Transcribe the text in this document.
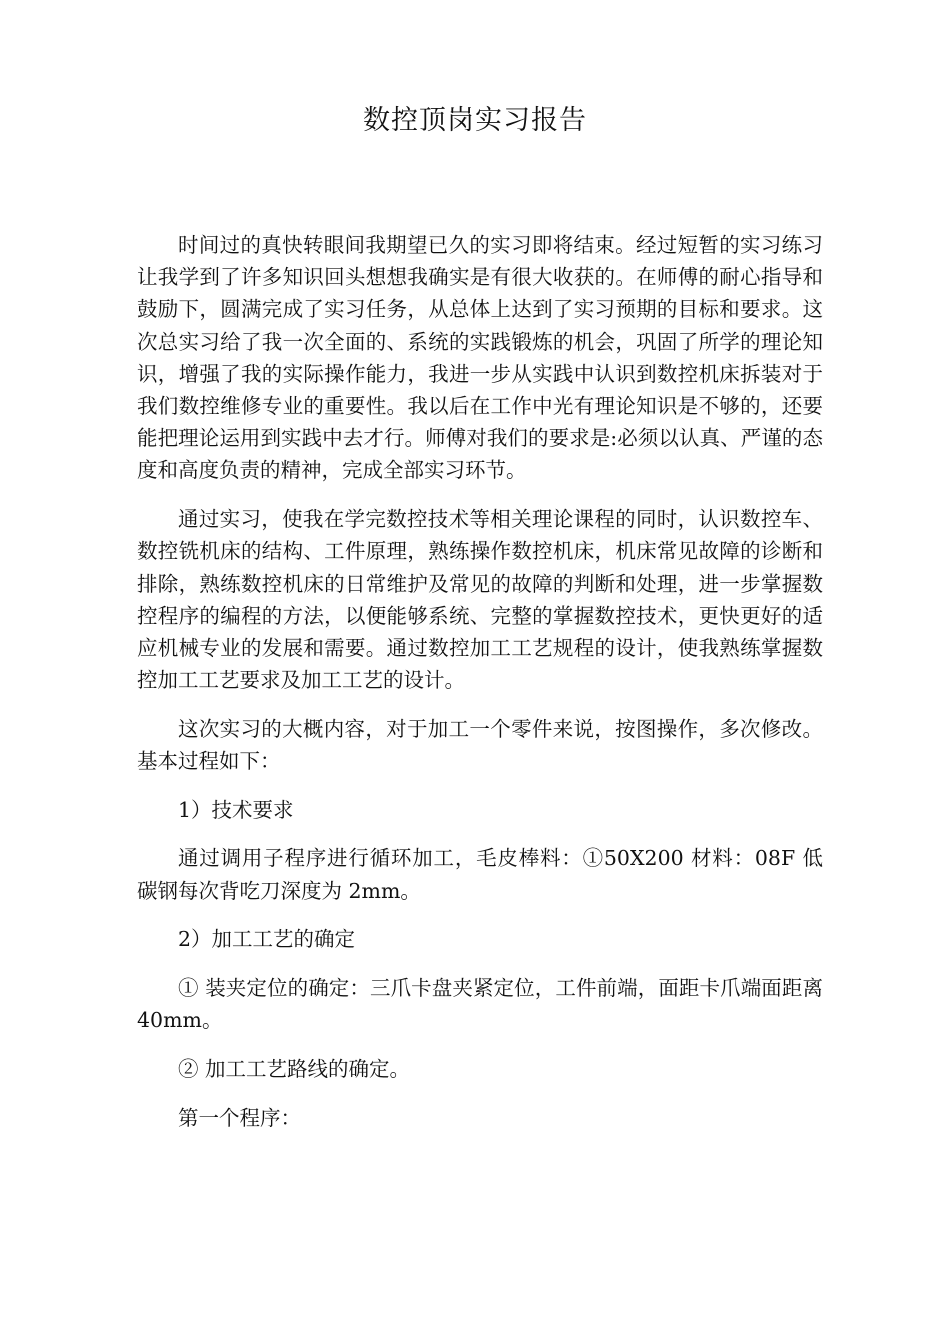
数控顶岗实习报告

时间过的真快转眼间我期望已久的实习即将结束。经过短暂的实习练习让我学到了许多知识回头想想我确实是有很大收获的。在师傅的耐心指导和鼓励下，圆满完成了实习任务，从总体上达到了实习预期的目标和要求。这次总实习给了我一次全面的、系统的实践锻炼的机会，巩固了所学的理论知识，增强了我的实际操作能力，我进一步从实践中认识到数控机床拆装对于我们数控维修专业的重要性。我以后在工作中光有理论知识是不够的，还要能把理论运用到实践中去才行。师傅对我们的要求是:必须以认真、严谨的态度和高度负责的精神，完成全部实习环节。

通过实习，使我在学完数控技术等相关理论课程的同时，认识数控车、数控铣机床的结构、工件原理，熟练操作数控机床，机床常见故障的诊断和排除，熟练数控机床的日常维护及常见的故障的判断和处理，进一步掌握数控程序的编程的方法，以便能够系统、完整的掌握数控技术，更快更好的适应机械专业的发展和需要。通过数控加工工艺规程的设计，使我熟练掌握数控加工工艺要求及加工工艺的设计。

这次实习的大概内容，对于加工一个零件来说，按图操作，多次修改。基本过程如下：

1）技术要求

通过调用子程序进行循环加工，毛皮棒料：①50X200 材料：08F 低碳钢每次背吃刀深度为 2mm。

2）加工工艺的确定

① 装夹定位的确定：三爪卡盘夹紧定位，工件前端，面距卡爪端面距离 40mm。

② 加工工艺路线的确定。

第一个程序：
